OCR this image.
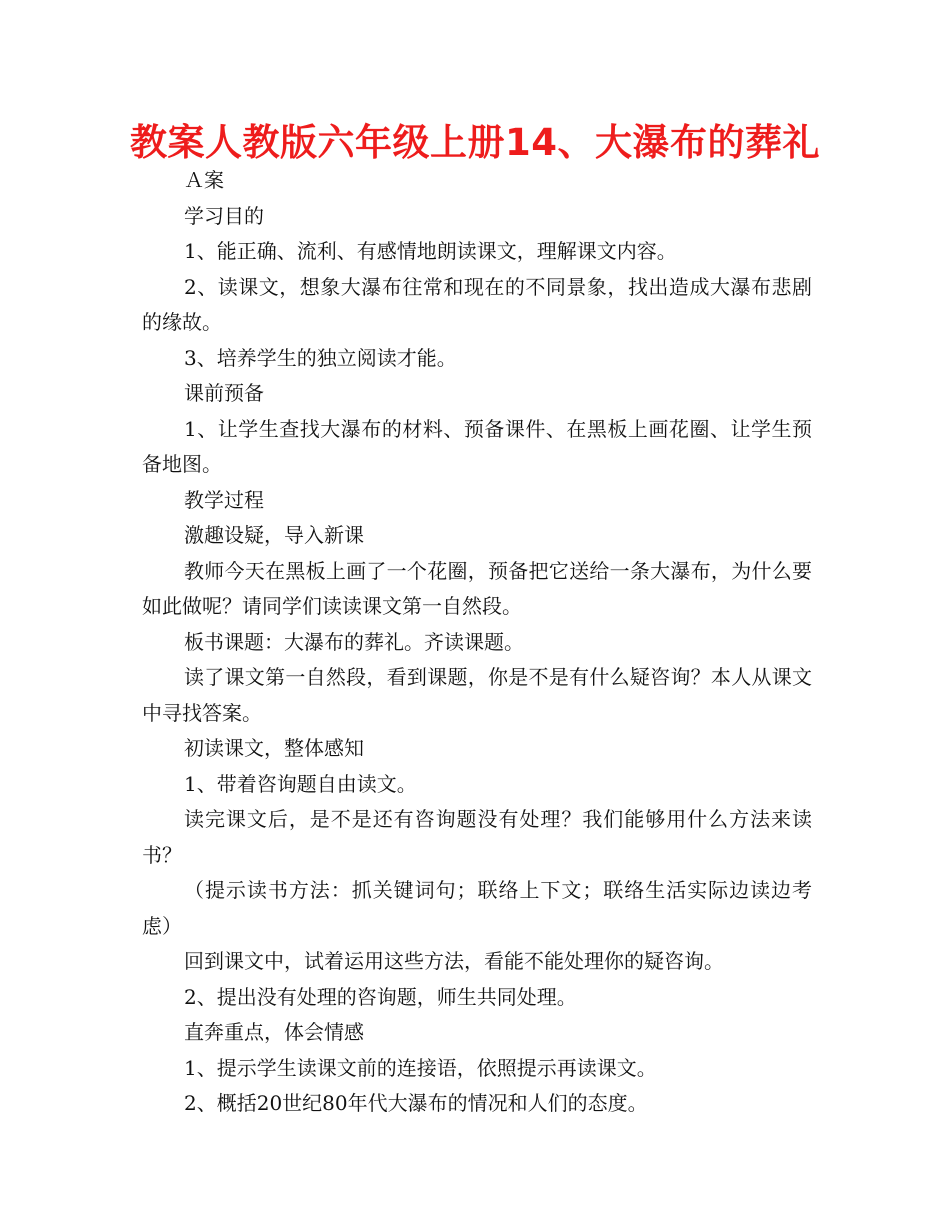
教案人教版六年级上册14、大瀑布的葬礼

Ａ案

学习目的

1、能正确、流利、有感情地朗读课文，理解课文内容。

2、读课文，想象大瀑布往常和现在的不同景象，找出造成大瀑布悲剧的缘故。

3、培养学生的独立阅读才能。

课前预备

1、让学生查找大瀑布的材料、预备课件、在黑板上画花圈、让学生预备地图。

教学过程

激趣设疑，导入新课

教师今天在黑板上画了一个花圈，预备把它送给一条大瀑布，为什么要如此做呢？请同学们读读课文第一自然段。

板书课题：大瀑布的葬礼。齐读课题。

读了课文第一自然段，看到课题，你是不是有什么疑咨询？本人从课文中寻找答案。

初读课文，整体感知

1、带着咨询题自由读文。

读完课文后，是不是还有咨询题没有处理？我们能够用什么方法来读书？

（提示读书方法：抓关键词句；联络上下文；联络生活实际边读边考虑）

回到课文中，试着运用这些方法，看能不能处理你的疑咨询。

2、提出没有处理的咨询题，师生共同处理。

直奔重点，体会情感

1、提示学生读课文前的连接语，依照提示再读课文。

2、概括20世纪80年代大瀑布的情况和人们的态度。
